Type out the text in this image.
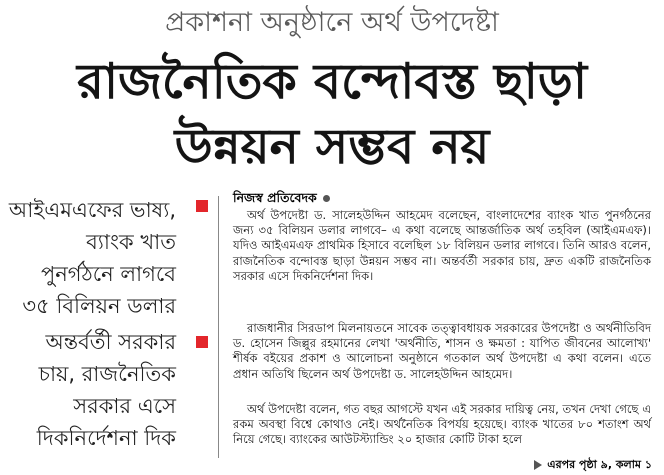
প্রকাশনা অনুষ্ঠানে অর্থ উপদেষ্টা
রাজনৈতিক বন্দোবস্ত ছাড়া
উন্নয়ন সম্ভব নয়
আইএমএফের ভাষ্য, ব্যাংক খাত পুনর্গঠনে লাগবে ৩৫ বিলিয়ন ডলার
অন্তর্বর্তী সরকার চায়, রাজনৈতিক সরকার এসে দিকনির্দেশনা দিক
নিজস্ব প্রতিবেদক

অর্থ উপদেষ্টা ড. সালেহউদ্দিন আহমেদ বলেছেন, বাংলাদেশের ব্যাংক খাত পুনর্গঠনের জন্য ৩৫ বিলিয়ন ডলার লাগবে– এ কথা বলেছে আন্তর্জাতিক অর্থ তহবিল (আইএমএফ)। যদিও আইএমএফ প্রাথমিক হিসাবে বলেছিল ১৮ বিলিয়ন ডলার লাগবে। তিনি আরও বলেন, রাজনৈতিক বন্দোবস্ত ছাড়া উন্নয়ন সম্ভব না। অন্তর্বর্তী সরকার চায়, দ্রুত একটি রাজনৈতিক সরকার এসে দিকনির্দেশনা দিক।

রাজধানীর সিরডাপ মিলনায়তনে সাবেক তত্ত্বাবধায়ক সরকারের উপদেষ্টা ও অর্থনীতিবিদ ড. হোসেন জিল্লুর রহমানের লেখা 'অর্থনীতি, শাসন ও ক্ষমতা : যাপিত জীবনের আলোখ্য' শীর্ষক বইয়ের প্রকাশ ও আলোচনা অনুষ্ঠানে গতকাল অর্থ উপদেষ্টা এ কথা বলেন। এতে প্রধান অতিথি ছিলেন অর্থ উপদেষ্টা ড. সালেহউদ্দিন আহমেদ।

অর্থ উপদেষ্টা বলেন, গত বছর আগস্টে যখন এই সরকার দায়িত্ব নেয়, তখন দেখা গেছে এ রকম অবস্থা বিশ্বে কোথাও নেই। অর্থনৈতিক বিপর্যয় হয়েছে। ব্যাংক খাতের ৮০ শতাংশ অর্থ নিয়ে গেছে। ব্যাংকের আউটস্ট্যান্ডিং ২০ হাজার কোটি টাকা হলে

এরপর পৃষ্ঠা ৯, কলাম ১
